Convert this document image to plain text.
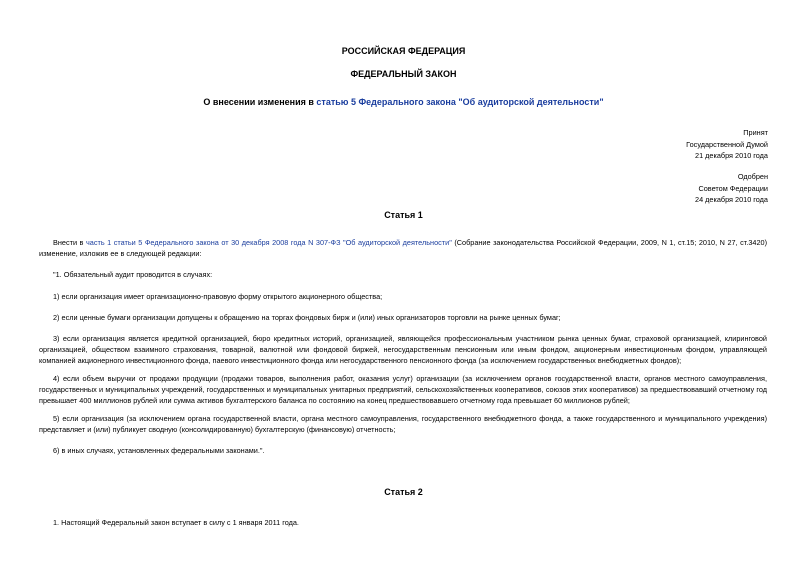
РОССИЙСКАЯ ФЕДЕРАЦИЯ
ФЕДЕРАЛЬНЫЙ ЗАКОН
О внесении изменения в статью 5 Федерального закона "Об аудиторской деятельности"
Принят
Государственной Думой
21 декабря 2010 года
Одобрен
Советом Федерации
24 декабря 2010 года
Статья 1
Внести в часть 1 статьи 5 Федерального закона от 30 декабря 2008 года N 307-ФЗ "Об аудиторской деятельности" (Собрание законодательства Российской Федерации, 2009, N 1, ст.15; 2010, N 27, ст.3420) изменение, изложив ее в следующей редакции:
"1. Обязательный аудит проводится в случаях:
1) если организация имеет организационно-правовую форму открытого акционерного общества;
2) если ценные бумаги организации допущены к обращению на торгах фондовых бирж и (или) иных организаторов торговли на рынке ценных бумаг;
3) если организация является кредитной организацией, бюро кредитных историй, организацией, являющейся профессиональным участником рынка ценных бумаг, страховой организацией, клиринговой организацией, обществом взаимного страхования, товарной, валютной или фондовой биржей, негосударственным пенсионным или иным фондом, акционерным инвестиционным фондом, управляющей компанией акционерного инвестиционного фонда, паевого инвестиционного фонда или негосударственного пенсионного фонда (за исключением государственных внебюджетных фондов);
4) если объем выручки от продажи продукции (продажи товаров, выполнения работ, оказания услуг) организации (за исключением органов государственной власти, органов местного самоуправления, государственных и муниципальных учреждений, государственных и муниципальных унитарных предприятий, сельскохозяйственных кооперативов, союзов этих кооперативов) за предшествовавший отчетному год превышает 400 миллионов рублей или сумма активов бухгалтерского баланса по состоянию на конец предшествовавшего отчетному года превышает 60 миллионов рублей;
5) если организация (за исключением органа государственной власти, органа местного самоуправления, государственного внебюджетного фонда, а также государственного и муниципального учреждения) представляет и (или) публикует сводную (консолидированную) бухгалтерскую (финансовую) отчетность;
6) в иных случаях, установленных федеральными законами.".
Статья 2
1. Настоящий Федеральный закон вступает в силу с 1 января 2011 года.
